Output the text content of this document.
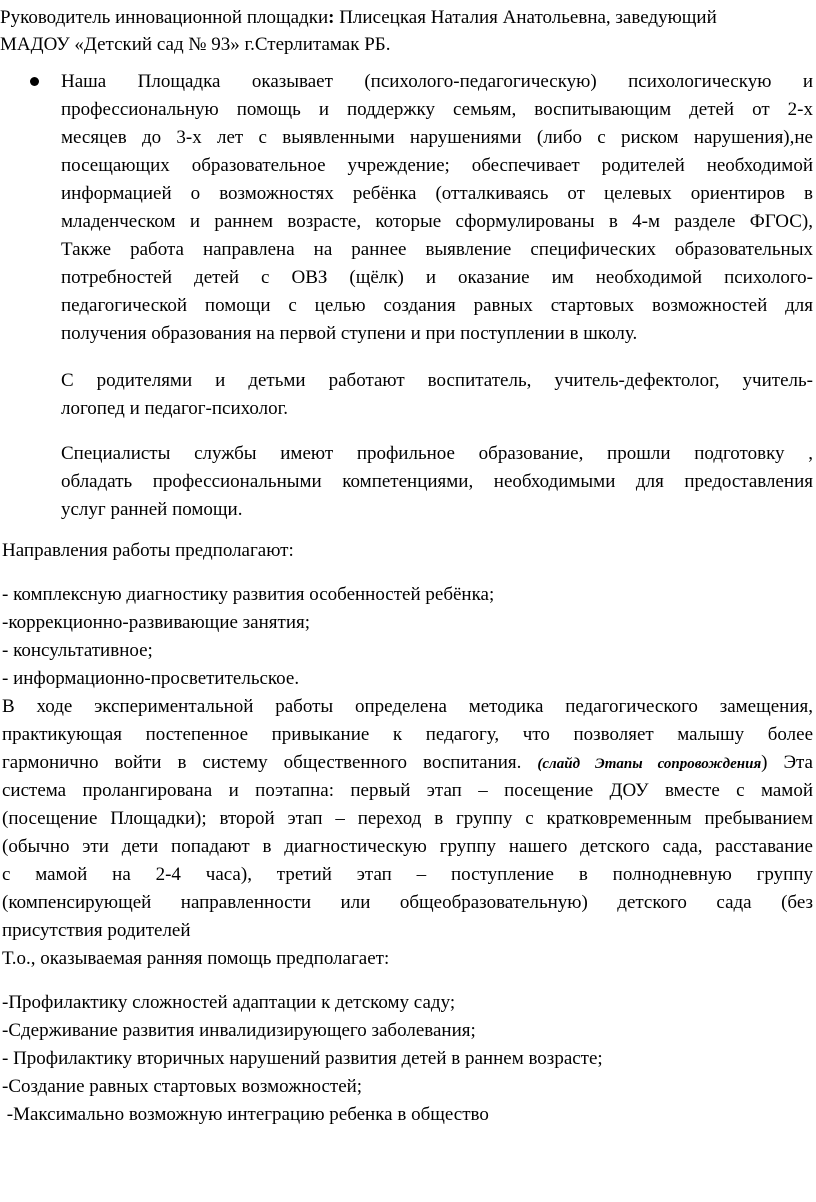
Руководитель инновационной площадки: Плисецкая Наталия Анатольевна, заведующий
МАДОУ «Детский сад № 93» г.Стерлитамак РБ.
Наша Площадка оказывает (психолого-педагогическую) психологическую и
профессиональную помощь и поддержку семьям, воспитывающим детей от 2-х
месяцев до 3-х лет с выявленными нарушениями (либо с риском нарушения),не
посещающих образовательное учреждение; обеспечивает родителей необходимой
информацией о возможностях ребёнка (отталкиваясь от целевых ориентиров в
младенческом и раннем возрасте, которые сформулированы в 4-м разделе ФГОС),
Также работа направлена на раннее выявление специфических образовательных
потребностей детей с ОВЗ (щёлк) и оказание им необходимой психолого-
педагогической помощи с целью создания равных стартовых возможностей для
получения образования на первой ступени и при поступлении в школу.
С родителями и детьми работают воспитатель, учитель-дефектолог, учитель-
логопед и педагог-психолог.
Специалисты службы имеют профильное образование, прошли подготовку ,
обладать профессиональными компетенциями, необходимыми для предоставления
услуг ранней помощи.
Направления работы предполагают:
- комплексную диагностику развития особенностей ребёнка;
-коррекционно-развивающие занятия;
- консультативное;
- информационно-просветительское.
В ходе экспериментальной работы определена методика педагогического замещения,
практикующая постепенное привыкание к педагогу, что позволяет малышу более
гармонично войти в систему общественного воспитания. (слайд Этапы сопровождения) Эта
система пролангирована и поэтапна: первый этап – посещение ДОУ вместе с мамой
(посещение Площадки); второй этап – переход в группу с кратковременным пребыванием
(обычно эти дети попадают в диагностическую группу нашего детского сада, расставание
с мамой на 2-4 часа), третий этап – поступление в полнодневную группу
(компенсирующей направленности или общеобразовательную) детского сада (без
присутствия родителей
Т.о., оказываемая ранняя помощь предполагает:
-Профилактику сложностей адаптации к детскому саду;
-Сдерживание развития инвалидизирующего заболевания;
- Профилактику вторичных нарушений развития детей в раннем возрасте;
-Создание равных стартовых возможностей;
-Максимально возможную интеграцию ребенка в общество
